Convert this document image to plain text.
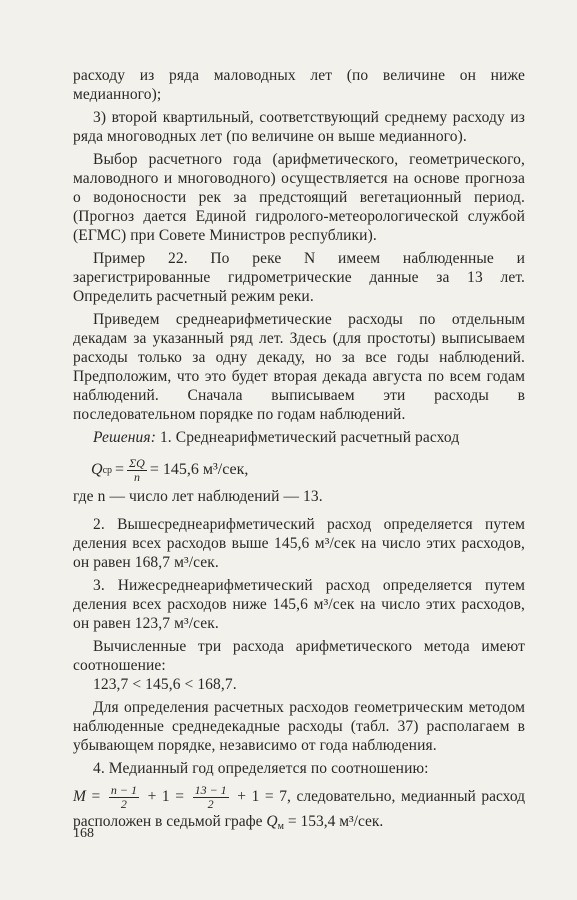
расходу из ряда маловодных лет (по величине он ниже медианного);

3) второй квартильный, соответствующий среднему расходу из ряда многоводных лет (по величине он выше медианного).

Выбор расчетного года (арифметического, геометрического, маловодного и многоводного) осуществляется на основе прогноза о водоносности рек за предстоящий вегетационный период. (Прогноз дается Единой гидролого-метеорологической службой (ЕГМС) при Совете Министров республики).

Пример 22. По реке N имеем наблюденные и зарегистрированные гидрометрические данные за 13 лет. Определить расчетный режим реки.

Приведем среднеарифметические расходы по отдельным декадам за указанный ряд лет. Здесь (для простоты) выписываем расходы только за одну декаду, но за все годы наблюдений. Предположим, что это будет вторая декада августа по всем годам наблюдений. Сначала выписываем эти расходы в последовательном порядке по годам наблюдений.

Решения: 1. Среднеарифметический расчетный расход

Q ср = $\frac{\Sigma Q}{n} = 145,6$ м³/сек,

где n — число лет наблюдений — 13.

2. Вышесреднеарифметический расход определяется путем деления всех расходов выше 145,6 м³/сек на число этих расходов, он равен 168,7 м³/сек.

3. Нижесреднеарифметический расход определяется путем деления всех расходов ниже 145,6 м³/сек на число этих расходов, он равен 123,7 м³/сек.

Вычисленные три расхода арифметического метода имеют соотношение:

123,7 < 145,6 < 168,7.

Для определения расчетных расходов геометрическим методом наблюденные среднедекадные расходы (табл. 37) располагаем в убывающем порядке, независимо от года наблюдения.

4. Медианный год определяется по соотношению:

$M = \frac{n - 1}{2} + 1 = \frac{13 - 1}{2} + 1 = 7$, следовательно, медианный расход расположен в седьмой графе $Q_м = 153,4$ м³/сек.

168
